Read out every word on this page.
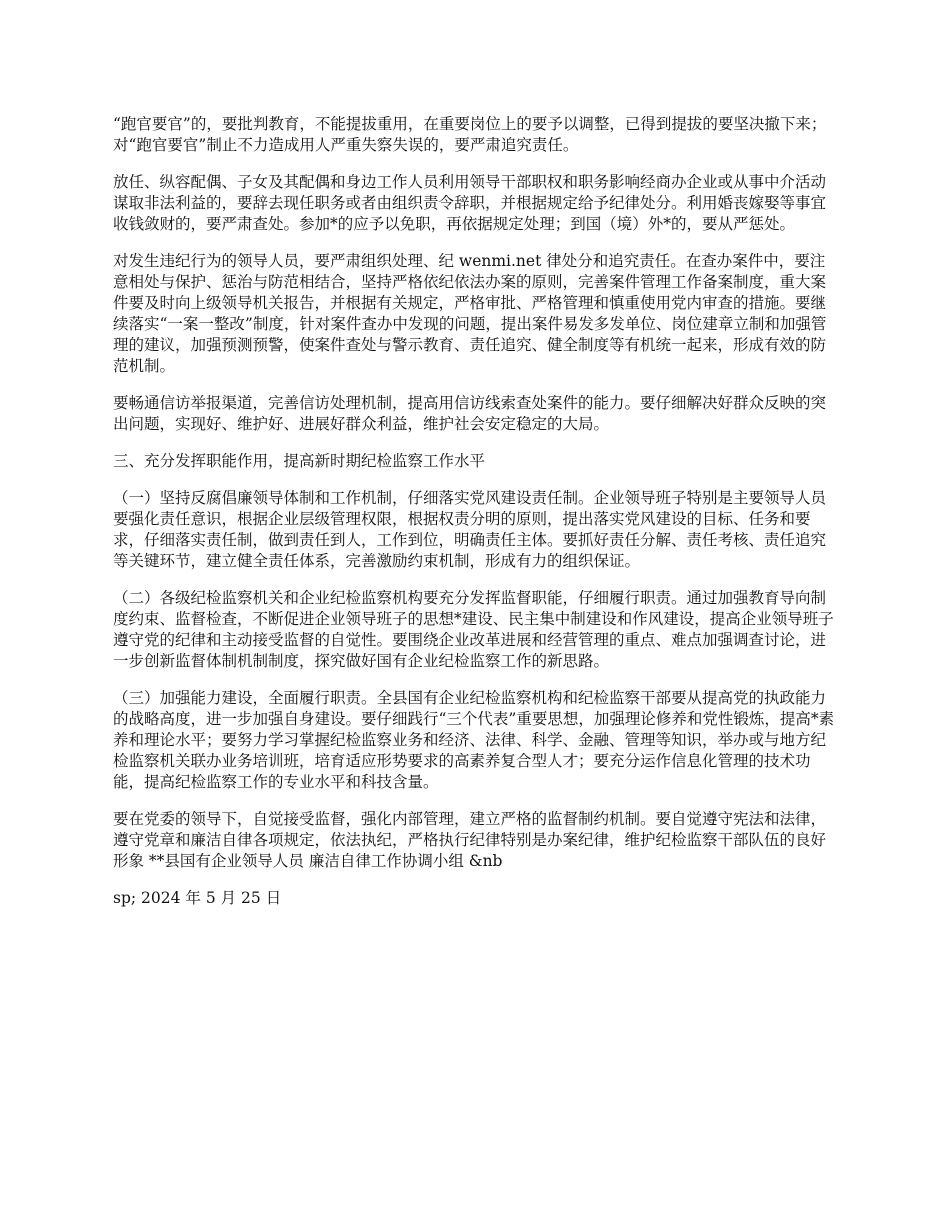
“跑官要官”的，要批判教育，不能提拔重用，在重要岗位上的要予以调整，已得到提拔的要坚决撤下来；对“跑官要官”制止不力造成用人严重失察失误的，要严肃追究责任。

放任、纵容配偶、子女及其配偶和身边工作人员利用领导干部职权和职务影响经商办企业或从事中介活动谋取非法利益的，要辞去现任职务或者由组织责令辞职，并根据规定给予纪律处分。利用婚丧嫁娶等事宜收钱敛财的，要严肃查处。参加*的应予以免职，再依据规定处理；到国（境）外*的，要从严惩处。

对发生违纪行为的领导人员，要严肃组织处理、纪 wenmi.net 律处分和追究责任。在查办案件中，要注意相处与保护、惩治与防范相结合，坚持严格依纪依法办案的原则，完善案件管理工作备案制度，重大案件要及时向上级领导机关报告，并根据有关规定，严格审批、严格管理和慎重使用党内审查的措施。要继续落实“一案一整改”制度，针对案件查办中发现的问题，提出案件易发多发单位、岗位建章立制和加强管理的建议，加强预测预警，使案件查处与警示教育、责任追究、健全制度等有机统一起来，形成有效的防范机制。

要畅通信访举报渠道，完善信访处理机制，提高用信访线索查处案件的能力。要仔细解决好群众反映的突出问题，实现好、维护好、进展好群众利益，维护社会安定稳定的大局。

三、充分发挥职能作用，提高新时期纪检监察工作水平

（一）坚持反腐倡廉领导体制和工作机制，仔细落实党风建设责任制。企业领导班子特别是主要领导人员要强化责任意识，根据企业层级管理权限，根据权责分明的原则，提出落实党风建设的目标、任务和要求，仔细落实责任制，做到责任到人，工作到位，明确责任主体。要抓好责任分解、责任考核、责任追究等关键环节，建立健全责任体系，完善激励约束机制，形成有力的组织保证。

（二）各级纪检监察机关和企业纪检监察机构要充分发挥监督职能，仔细履行职责。通过加强教育导向制度约束、监督检查，不断促进企业领导班子的思想*建设、民主集中制建设和作风建设，提高企业领导班子遵守党的纪律和主动接受监督的自觉性。要围绕企业改革进展和经营管理的重点、难点加强调查讨论，进一步创新监督体制机制制度，探究做好国有企业纪检监察工作的新思路。

（三）加强能力建设，全面履行职责。全县国有企业纪检监察机构和纪检监察干部要从提高党的执政能力的战略高度，进一步加强自身建设。要仔细践行“三个代表”重要思想，加强理论修养和党性锻炼，提高*素养和理论水平；要努力学习掌握纪检监察业务和经济、法律、科学、金融、管理等知识，举办或与地方纪检监察机关联办业务培训班，培育适应形势要求的高素养复合型人才；要充分运作信息化管理的技术功能，提高纪检监察工作的专业水平和科技含量。

要在党委的领导下，自觉接受监督，强化内部管理，建立严格的监督制约机制。要自觉遵守宪法和法律，遵守党章和廉洁自律各项规定，依法执纪，严格执行纪律特别是办案纪律，维护纪检监察干部队伍的良好形象 **县国有企业领导人员 廉洁自律工作协调小组 &nb

sp; 2024 年 5 月 25 日
